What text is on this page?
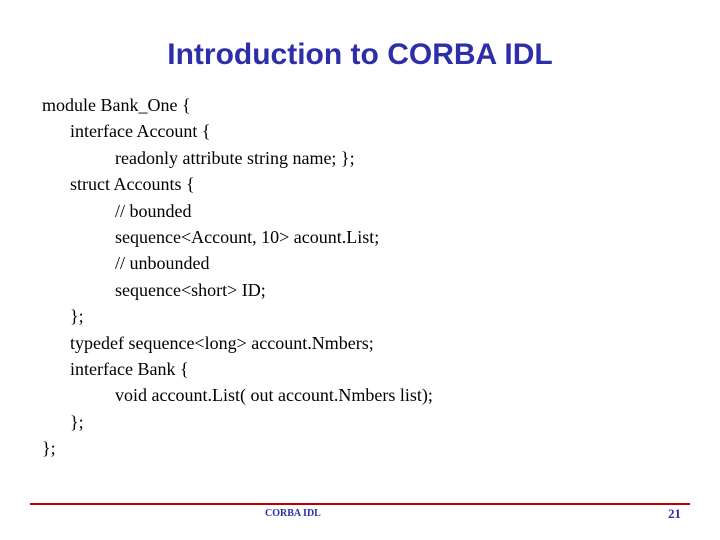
Introduction to CORBA IDL
module Bank_One {
interface Account {
readonly attribute string name; };
struct Accounts {
// bounded
sequence<Account, 10> acount.List;
// unbounded
sequence<short> ID;
};
typedef sequence<long> account.Nmbers;
interface Bank {
void account.List( out account.Nmbers list);
};
};
CORBA IDL	21
